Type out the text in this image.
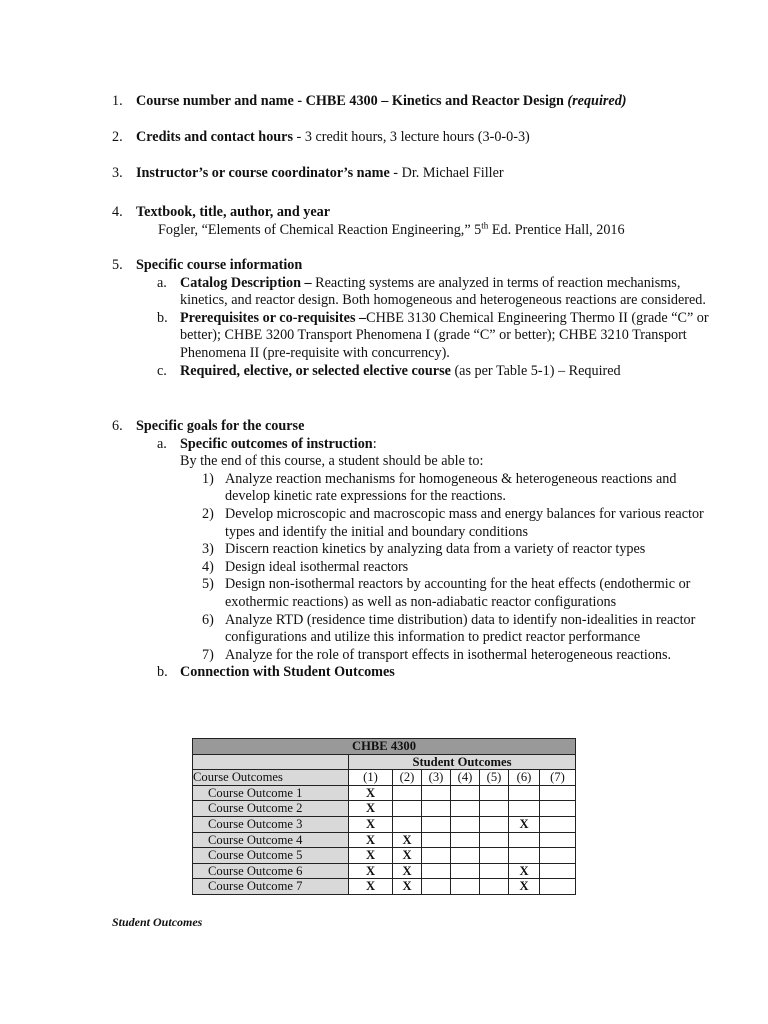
1. Course number and name - CHBE 4300 – Kinetics and Reactor Design (required)
2. Credits and contact hours - 3 credit hours, 3 lecture hours (3-0-0-3)
3. Instructor’s or course coordinator’s name - Dr. Michael Filler
4. Textbook, title, author, and year
Fogler, “Elements of Chemical Reaction Engineering,” 5th Ed. Prentice Hall, 2016
5. Specific course information
a. Catalog Description – Reacting systems are analyzed in terms of reaction mechanisms, kinetics, and reactor design. Both homogeneous and heterogeneous reactions are considered.
b. Prerequisites or co-requisites –CHBE 3130 Chemical Engineering Thermo II (grade “C” or better); CHBE 3200 Transport Phenomena I (grade “C” or better); CHBE 3210 Transport Phenomena II (pre-requisite with concurrency).
c. Required, elective, or selected elective course (as per Table 5-1) – Required
6. Specific goals for the course
a. Specific outcomes of instruction:
By the end of this course, a student should be able to:
1) Analyze reaction mechanisms for homogeneous & heterogeneous reactions and develop kinetic rate expressions for the reactions.
2) Develop microscopic and macroscopic mass and energy balances for various reactor types and identify the initial and boundary conditions
3) Discern reaction kinetics by analyzing data from a variety of reactor types
4) Design ideal isothermal reactors
5) Design non-isothermal reactors by accounting for the heat effects (endothermic or exothermic reactions) as well as non-adiabatic reactor configurations
6) Analyze RTD (residence time distribution) data to identify non-idealities in reactor configurations and utilize this information to predict reactor performance
7) Analyze for the role of transport effects in isothermal heterogeneous reactions.
b. Connection with Student Outcomes
CHBE 4300							
	Student Outcomes						
Course Outcomes	(1)	(2)	(3)	(4)	(5)	(6)	(7)
Course Outcome 1	X						
Course Outcome 2	X						
Course Outcome 3	X					X	
Course Outcome 4	X	X					
Course Outcome 5	X	X					
Course Outcome 6	X	X				X	
Course Outcome 7	X	X				X	
Student Outcomes
